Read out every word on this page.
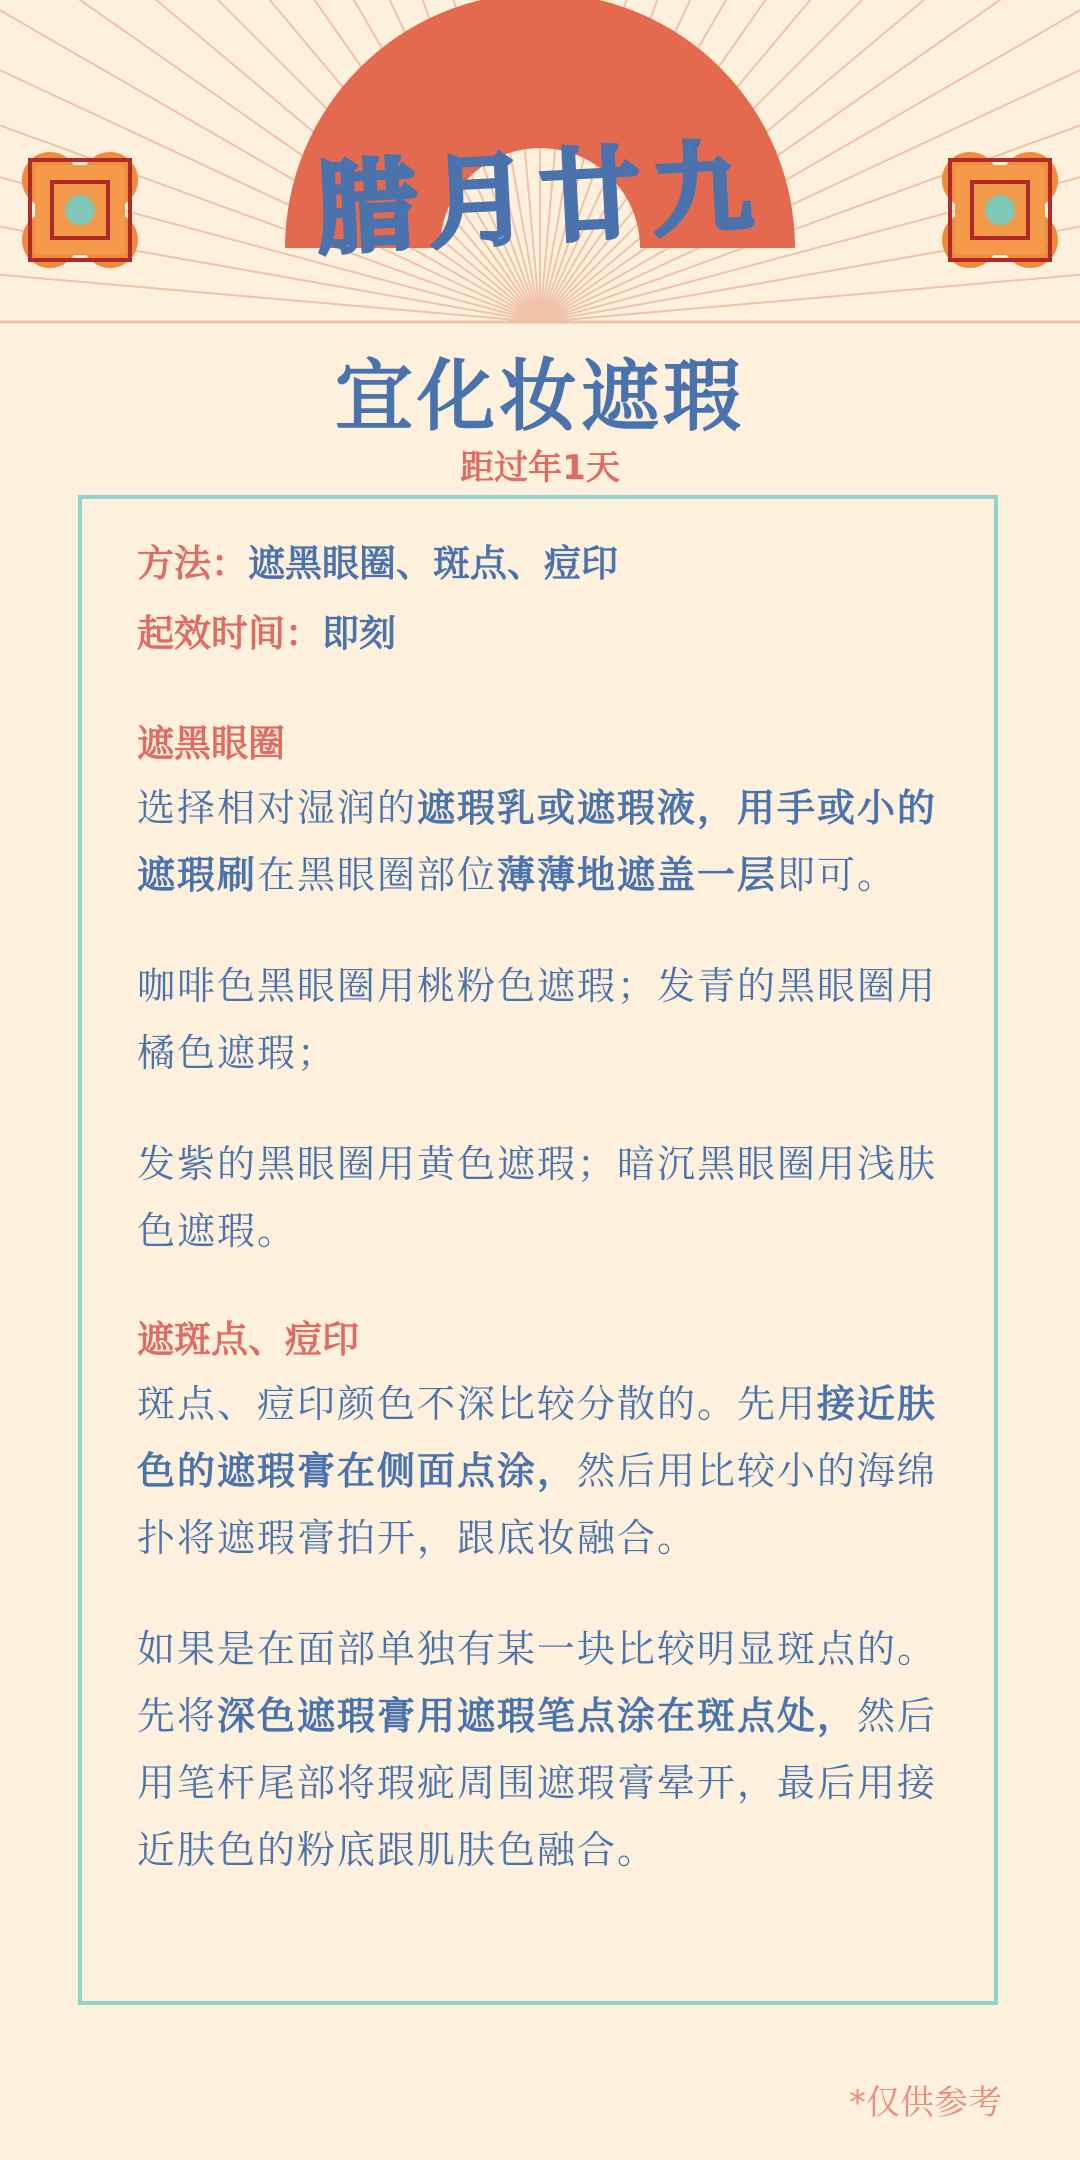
腊月廿九
宜化妆遮瑕
距过年1天
方法：遮黑眼圈、斑点、痘印
起效时间：即刻
遮黑眼圈

选择相对湿润的遮瑕乳或遮瑕液，用手或小的遮瑕刷在黑眼圈部位薄薄地遮盖一层即可。

咖啡色黑眼圈用桃粉色遮瑕；发青的黑眼圈用橘色遮瑕；

发紫的黑眼圈用黄色遮瑕；暗沉黑眼圈用浅肤色遮瑕。

遮斑点、痘印

斑点、痘印颜色不深比较分散的。先用接近肤色的遮瑕膏在侧面点涂，然后用比较小的海绵扑将遮瑕膏拍开，跟底妆融合。

如果是在面部单独有某一块比较明显斑点的。先将深色遮瑕膏用遮瑕笔点涂在斑点处，然后用笔杆尾部将瑕疵周围遮瑕膏晕开，最后用接近肤色的粉底跟肌肤色融合。

*仅供参考
